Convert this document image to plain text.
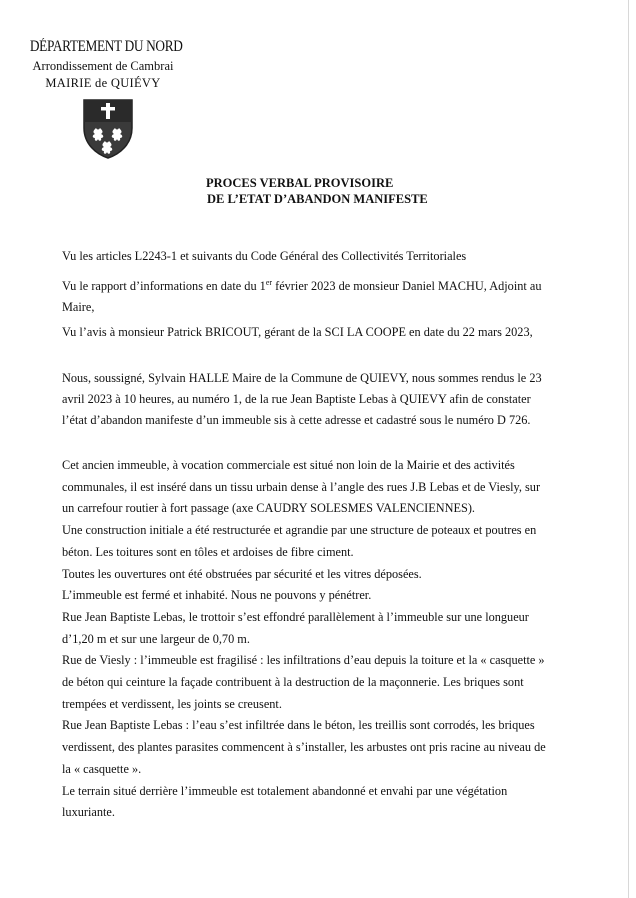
DÉPARTEMENT DU NORD
Arrondissement de Cambrai
MAIRIE de QUIÉVY
PROCES VERBAL PROVISOIRE
DE L’ETAT D’ABANDON MANIFESTE
Vu les articles L2243-1 et suivants du Code Général des Collectivités Territoriales
Vu le rapport d’informations en date du 1er février 2023 de monsieur Daniel MACHU, Adjoint au
Maire,
Vu l’avis à monsieur Patrick BRICOUT, gérant de la SCI LA COOPE en date du 22 mars 2023,
Nous, soussigné, Sylvain HALLE Maire de la Commune de QUIEVY, nous sommes rendus le 23
avril 2023 à 10 heures, au numéro 1, de la rue Jean Baptiste Lebas à QUIEVY afin de constater
l’état d’abandon manifeste d’un immeuble sis à cette adresse et cadastré sous le numéro D 726.
Cet ancien immeuble, à vocation commerciale est situé non loin de la Mairie et des activités
communales, il est inséré dans un tissu urbain dense à l’angle des rues J.B Lebas et de Viesly, sur
un carrefour routier à fort passage (axe CAUDRY SOLESMES VALENCIENNES).
Une construction initiale a été restructurée et agrandie par une structure de poteaux et poutres en
béton. Les toitures sont en tôles et ardoises de fibre ciment.
Toutes les ouvertures ont été obstruées par sécurité et les vitres déposées.
L’immeuble est fermé et inhabité. Nous ne pouvons y pénétrer.
Rue Jean Baptiste Lebas, le trottoir s’est effondré parallèlement à l’immeuble sur une longueur
d’1,20 m et sur une largeur de 0,70 m.
Rue de Viesly : l’immeuble est fragilisé : les infiltrations d’eau depuis la toiture et la « casquette »
de béton qui ceinture la façade contribuent à la destruction de la maçonnerie. Les briques sont
trempées et verdissent, les joints se creusent.
Rue Jean Baptiste Lebas : l’eau s’est infiltrée dans le béton, les treillis sont corrodés, les briques
verdissent, des plantes parasites commencent à s’installer, les arbustes ont pris racine au niveau de
la « casquette ».
Le terrain situé derrière l’immeuble est totalement abandonné et envahi par une végétation
luxuriante.
